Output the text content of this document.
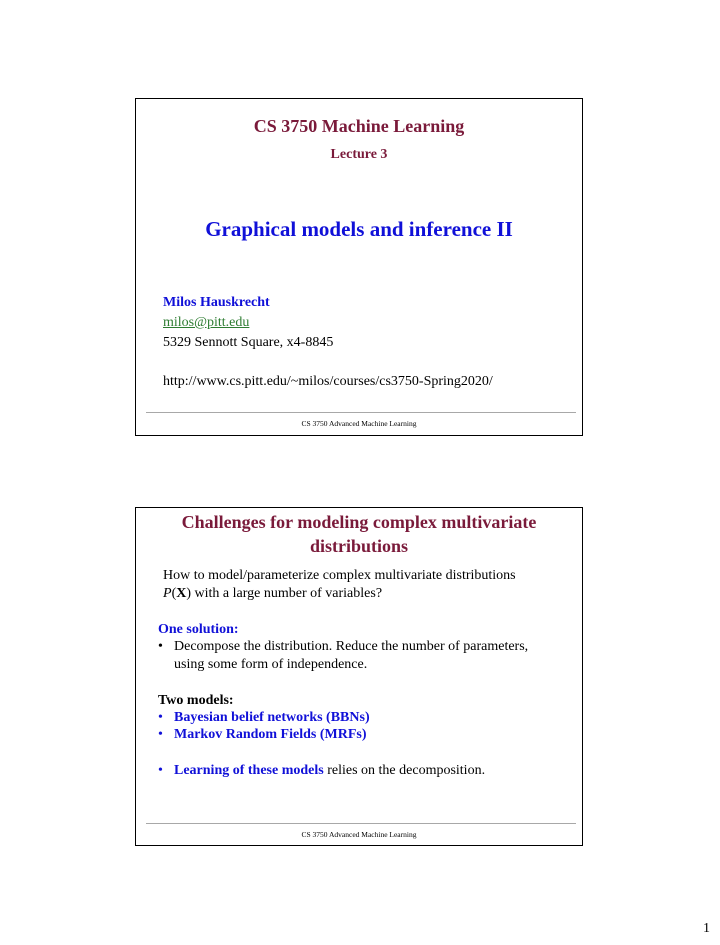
CS 3750 Machine Learning
Lecture 3
Graphical models and inference II
Milos Hauskrecht
milos@pitt.edu
5329 Sennott Square, x4-8845
http://www.cs.pitt.edu/~milos/courses/cs3750-Spring2020/
CS 3750 Advanced Machine Learning
Challenges for modeling complex multivariate
distributions
How to model/parameterize complex multivariate distributions
P(X) with a large number of variables?
One solution:
• Decompose the distribution. Reduce the number of parameters,
using some form of independence.
Two models:
• Bayesian belief networks (BBNs)
• Markov Random Fields (MRFs)
• Learning of these models relies on the decomposition.
CS 3750 Advanced Machine Learning
1
